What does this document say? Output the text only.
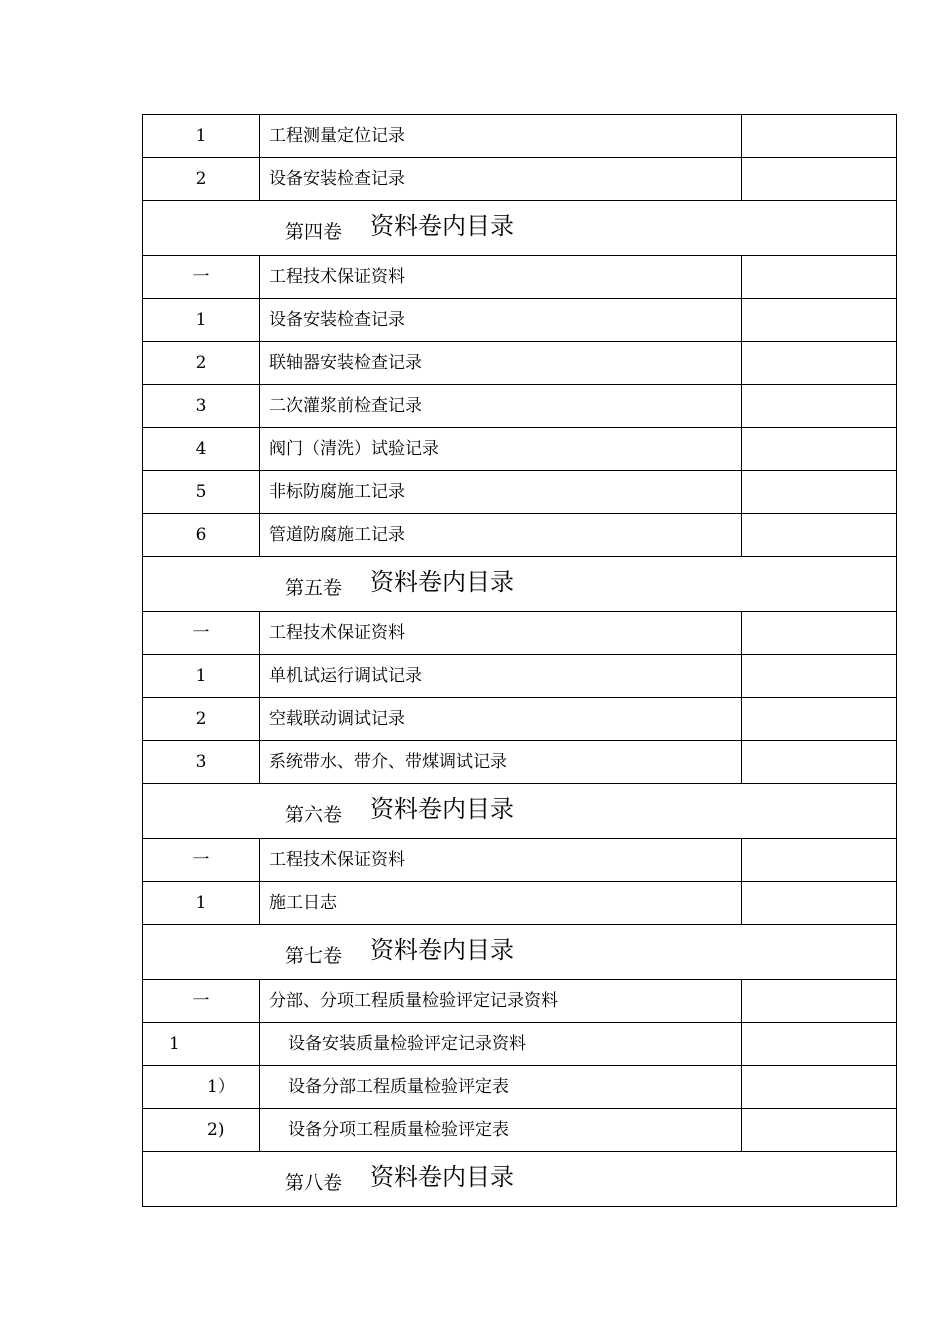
1	工程测量定位记录	
2	设备安装检查记录	
第四卷 资料卷内目录		
一	工程技术保证资料	
1	设备安装检查记录	
2	联轴器安装检查记录	
3	二次灌浆前检查记录	
4	阀门（清洗）试验记录	
5	非标防腐施工记录	
6	管道防腐施工记录	
第五卷 资料卷内目录		
一	工程技术保证资料	
1	单机试运行调试记录	
2	空载联动调试记录	
3	系统带水、带介、带煤调试记录	
第六卷 资料卷内目录		
一	工程技术保证资料	
1	施工日志	
第七卷 资料卷内目录		
一	分部、分项工程质量检验评定记录资料	
1	设备安装质量检验评定记录资料	
1）	设备分部工程质量检验评定表	
2)	设备分项工程质量检验评定表	
第八卷 资料卷内目录		
